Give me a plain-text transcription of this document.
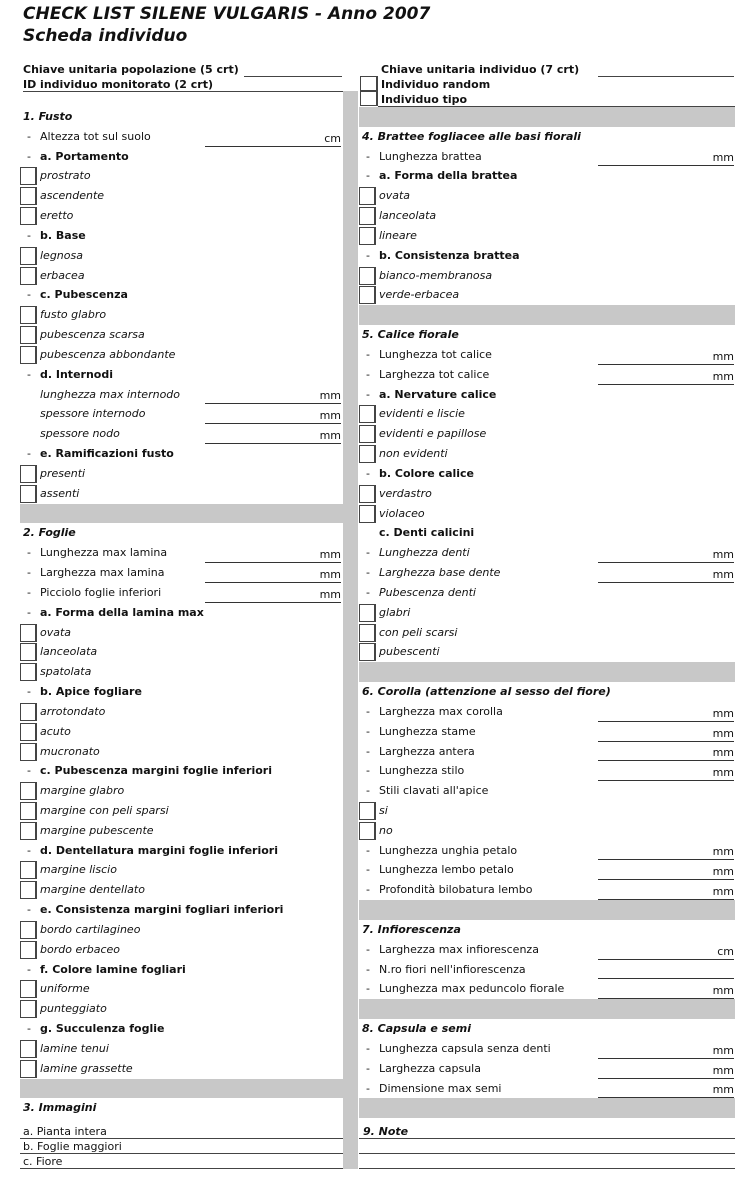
CHECK LIST SILENE VULGARIS - Anno 2007
Scheda individuo
Chiave unitaria popolazione (5 crt)
ID individuo monitorato (2 crt)
Chiave unitaria individuo (7 crt)
Individuo random
Individuo tipo
1. Fusto
- Altezza tot sul suolo	cm
- a. Portamento
prostrato
ascendente
eretto
- b. Base
legnosa
erbacea
- c. Pubescenza
fusto glabro
pubescenza scarsa
pubescenza abbondante
- d. Internodi
lunghezza max internodo	mm
spessore internodo	mm
spessore nodo	mm
- e. Ramificazioni fusto
presenti
assenti
2. Foglie
- Lunghezza max lamina	mm
- Larghezza max lamina	mm
- Picciolo foglie inferiori	mm
- a. Forma della lamina max
ovata
lanceolata
spatolata
- b. Apice fogliare
arrotondato
acuto
mucronato
- c. Pubescenza margini foglie inferiori
margine glabro
margine con peli sparsi
margine pubescente
- d. Dentellatura margini foglie inferiori
margine liscio
margine dentellato
- e. Consistenza margini fogliari inferiori
bordo cartilagineo
bordo erbaceo
- f. Colore lamine fogliari
uniforme
punteggiato
- g. Succulenza foglie
lamine tenui
lamine grassette
3. Immagini
4. Brattee fogliacee alle basi fiorali
- Lunghezza brattea	mm
- a. Forma della brattea
ovata
lanceolata
lineare
- b. Consistenza brattea
bianco-membranosa
verde-erbacea
5. Calice fiorale
- Lunghezza tot calice	mm
- Larghezza tot calice	mm
- a. Nervature calice
evidenti e liscie
evidenti e papillose
non evidenti
- b. Colore calice
verdastro
violaceo
c. Denti calicini
- Lunghezza denti	mm
- Larghezza base dente	mm
- Pubescenza denti
glabri
con peli scarsi
pubescenti
6. Corolla (attenzione al sesso del fiore)
- Larghezza max corolla	mm
- Lunghezza stame	mm
- Larghezza antera	mm
- Lunghezza stilo	mm
- Stili clavati all'apice
si
no
- Lunghezza unghia petalo	mm
- Lunghezza lembo petalo	mm
- Profondità bilobatura lembo	mm
7. Infiorescenza
- Larghezza max infiorescenza	cm
- N.ro fiori nell'infiorescenza
- Lunghezza max peduncolo fiorale	mm
8. Capsula e semi
- Lunghezza capsula senza denti	mm
- Larghezza capsula	mm
- Dimensione max semi	mm
a. Pianta intera
b. Foglie maggiori
c. Fiore
9. Note
